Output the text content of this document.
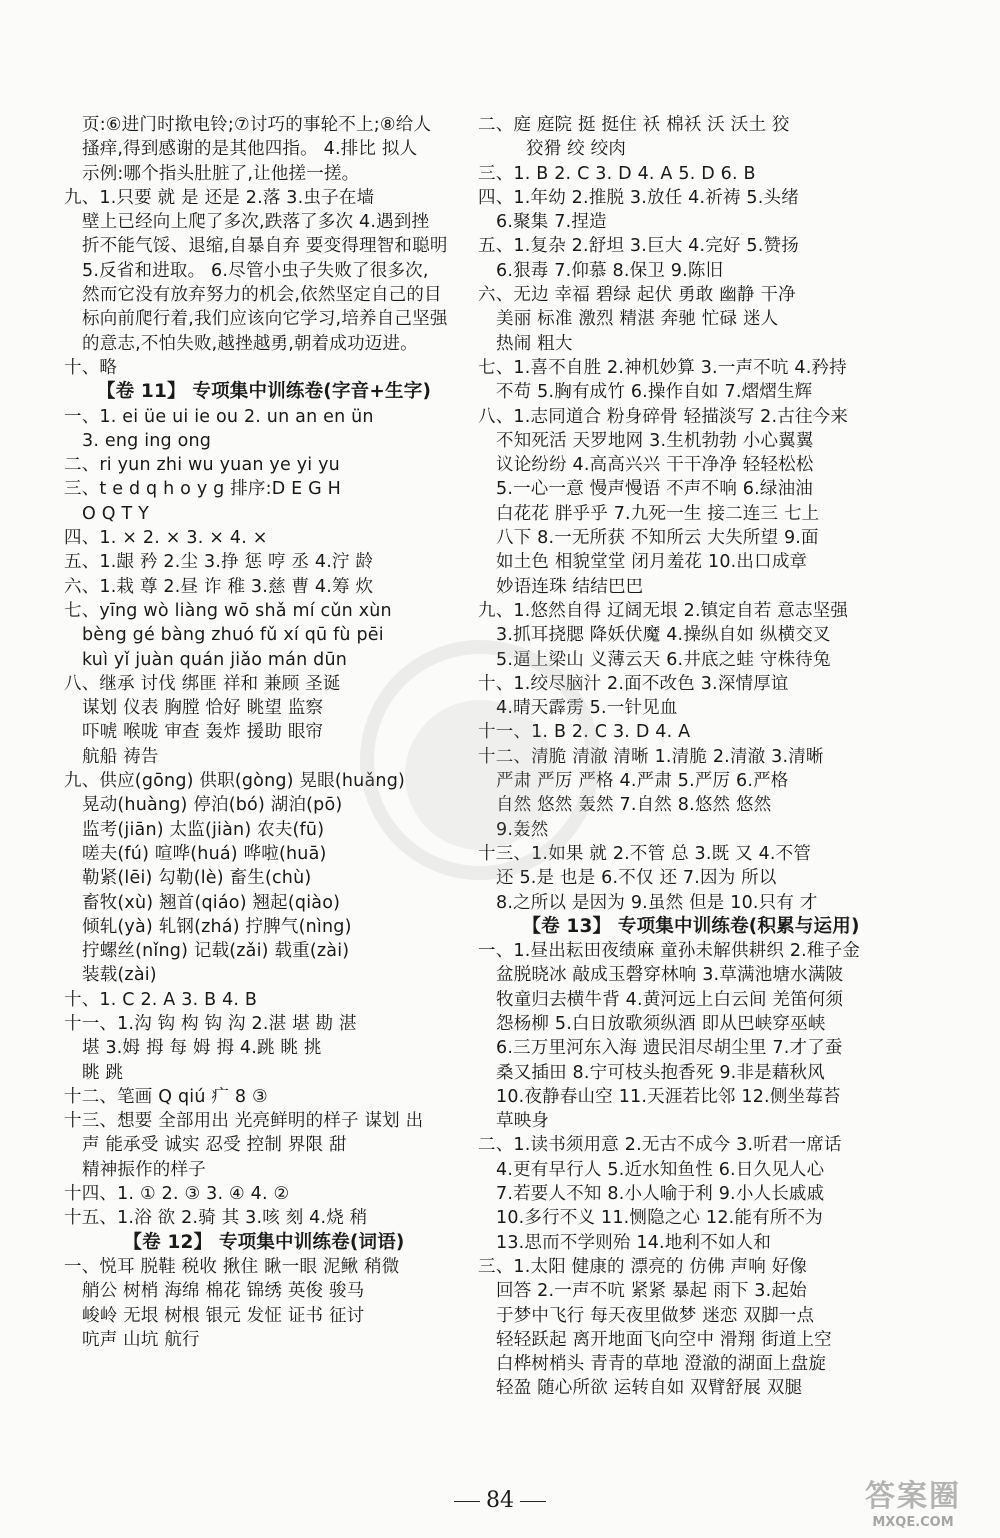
页:⑥进门时揿电铃;⑦讨巧的事轮不上;⑧给人
搔痒,得到感谢的是其他四指。 4.排比 拟人
示例:哪个指头肚脏了,让他搓一搓。
九、1.只要 就 是 还是 2.落 3.虫子在墙
壁上已经向上爬了多次,跌落了多次 4.遇到挫
折不能气馁、退缩,自暴自弃 要变得理智和聪明
5.反省和进取。 6.尽管小虫子失败了很多次,
然而它没有放弃努力的机会,依然坚定自己的目
标向前爬行着,我们应该向它学习,培养自己坚强
的意志,不怕失败,越挫越勇,朝着成功迈进。
十、略
【卷 11】 专项集中训练卷(字音+生字)
一、1. ei üe ui ie ou 2. un an en ün
3. eng ing ong
二、ri yun zhi wu yuan ye yi yu
三、t e d q h o y g 排序:D E G H
O Q T Y
四、1. × 2. × 3. × 4. ×
五、1.龈 矜 2.尘 3.挣 惩 哼 丞 4.泞 龄
六、1.栽 尊 2.昼 诈 稚 3.慈 曹 4.筹 炊
七、yīng wò liàng wō shǎ mí cǔn xùn
bèng gé bàng zhuó fǔ xí qū fù pēi
kuì yǐ juàn quán jiǎo mán dūn
八、继承 讨伐 绑匪 祥和 兼顾 圣诞
谋划 仪表 胸膛 恰好 眺望 监察
吓唬 喉咙 审查 轰炸 援助 眼帘
航船 祷告
九、供应(gōng) 供职(gòng) 晃眼(huǎng)
晃动(huàng) 停泊(bó) 湖泊(pō)
监考(jiān) 太监(jiàn) 农夫(fū)
嗟夫(fú) 喧哗(huá) 哗啦(huā)
勒紧(lēi) 勾勒(lè) 畜生(chù)
畜牧(xù) 翘首(qiáo) 翘起(qiào)
倾轧(yà) 轧钢(zhá) 拧脾气(nìng)
拧螺丝(nǐng) 记载(zǎi) 载重(zài)
装载(zài)
十、1. C 2. A 3. B 4. B
十一、1.沟 钩 构 钩 沟 2.湛 堪 勘 湛
堪 3.姆 拇 每 姆 拇 4.跳 眺 挑
眺 跳
十二、笔画 Q qiú 疒 8 ③
十三、想要 全部用出 光亮鲜明的样子 谋划 出
声 能承受 诚实 忍受 控制 界限 甜
精神振作的样子
十四、1. ① 2. ③ 3. ④ 4. ②
十五、1.浴 欲 2.骑 其 3.咳 刻 4.烧 稍
【卷 12】 专项集中训练卷(词语)
一、悦耳 脱鞋 税收 揪住 瞅一眼 泥鳅 稍微
艄公 树梢 海绵 棉花 锦绣 英俊 骏马
峻岭 无垠 树根 银元 发怔 证书 征讨
吭声 山坑 航行
二、庭 庭院 挺 挺住 袄 棉袄 沃 沃土 狡
狡猾 绞 绞肉
三、1. B 2. C 3. D 4. A 5. D 6. B
四、1.年幼 2.推脱 3.放任 4.祈祷 5.头绪
6.聚集 7.捏造
五、1.复杂 2.舒坦 3.巨大 4.完好 5.赞扬
6.狠毒 7.仰慕 8.保卫 9.陈旧
六、无边 幸福 碧绿 起伏 勇敢 幽静 干净
美丽 标准 激烈 精湛 奔驰 忙碌 迷人
热闹 粗大
七、1.喜不自胜 2.神机妙算 3.一声不吭 4.矜持
不苟 5.胸有成竹 6.操作自如 7.熠熠生辉
八、1.志同道合 粉身碎骨 轻描淡写 2.古往今来
不知死活 天罗地网 3.生机勃勃 小心翼翼
议论纷纷 4.高高兴兴 干干净净 轻轻松松
5.一心一意 慢声慢语 不声不响 6.绿油油
白花花 胖乎乎 7.九死一生 接二连三 七上
八下 8.一无所获 不知所云 大失所望 9.面
如土色 相貌堂堂 闭月羞花 10.出口成章
妙语连珠 结结巴巴
九、1.悠然自得 辽阔无垠 2.镇定自若 意志坚强
3.抓耳挠腮 降妖伏魔 4.操纵自如 纵横交叉
5.逼上梁山 义薄云天 6.井底之蛙 守株待兔
十、1.绞尽脑汁 2.面不改色 3.深情厚谊
4.晴天霹雳 5.一针见血
十一、1. B 2. C 3. D 4. A
十二、清脆 清澈 清晰 1.清脆 2.清澈 3.清晰
严肃 严厉 严格 4.严肃 5.严厉 6.严格
自然 悠然 轰然 7.自然 8.悠然 悠然
9.轰然
十三、1.如果 就 2.不管 总 3.既 又 4.不管
还 5.是 也是 6.不仅 还 7.因为 所以
8.之所以 是因为 9.虽然 但是 10.只有 才
【卷 13】 专项集中训练卷(积累与运用)
一、1.昼出耘田夜绩麻 童孙未解供耕织 2.稚子金
盆脱晓冰 敲成玉磬穿林响 3.草满池塘水满陂
牧童归去横牛背 4.黄河远上白云间 羌笛何须
怨杨柳 5.白日放歌须纵酒 即从巴峡穿巫峡
6.三万里河东入海 遗民泪尽胡尘里 7.才了蚕
桑又插田 8.宁可枝头抱香死 9.非是藉秋风
10.夜静春山空 11.天涯若比邻 12.侧坐莓苔
草映身
二、1.读书须用意 2.无古不成今 3.听君一席话
4.更有早行人 5.近水知鱼性 6.日久见人心
7.若要人不知 8.小人喻于利 9.小人长戚戚
10.多行不义 11.恻隐之心 12.能有所不为
13.思而不学则殆 14.地利不如人和
三、1.太阳 健康的 漂亮的 仿佛 声响 好像
回答 2.一声不吭 紧紧 暴起 雨下 3.起始
于梦中飞行 每天夜里做梦 迷恋 双脚一点
轻轻跃起 离开地面飞向空中 滑翔 街道上空
白桦树梢头 青青的草地 澄澈的湖面上盘旋
轻盈 随心所欲 运转自如 双臂舒展 双腿
84	答案圈
MXQE.COM
